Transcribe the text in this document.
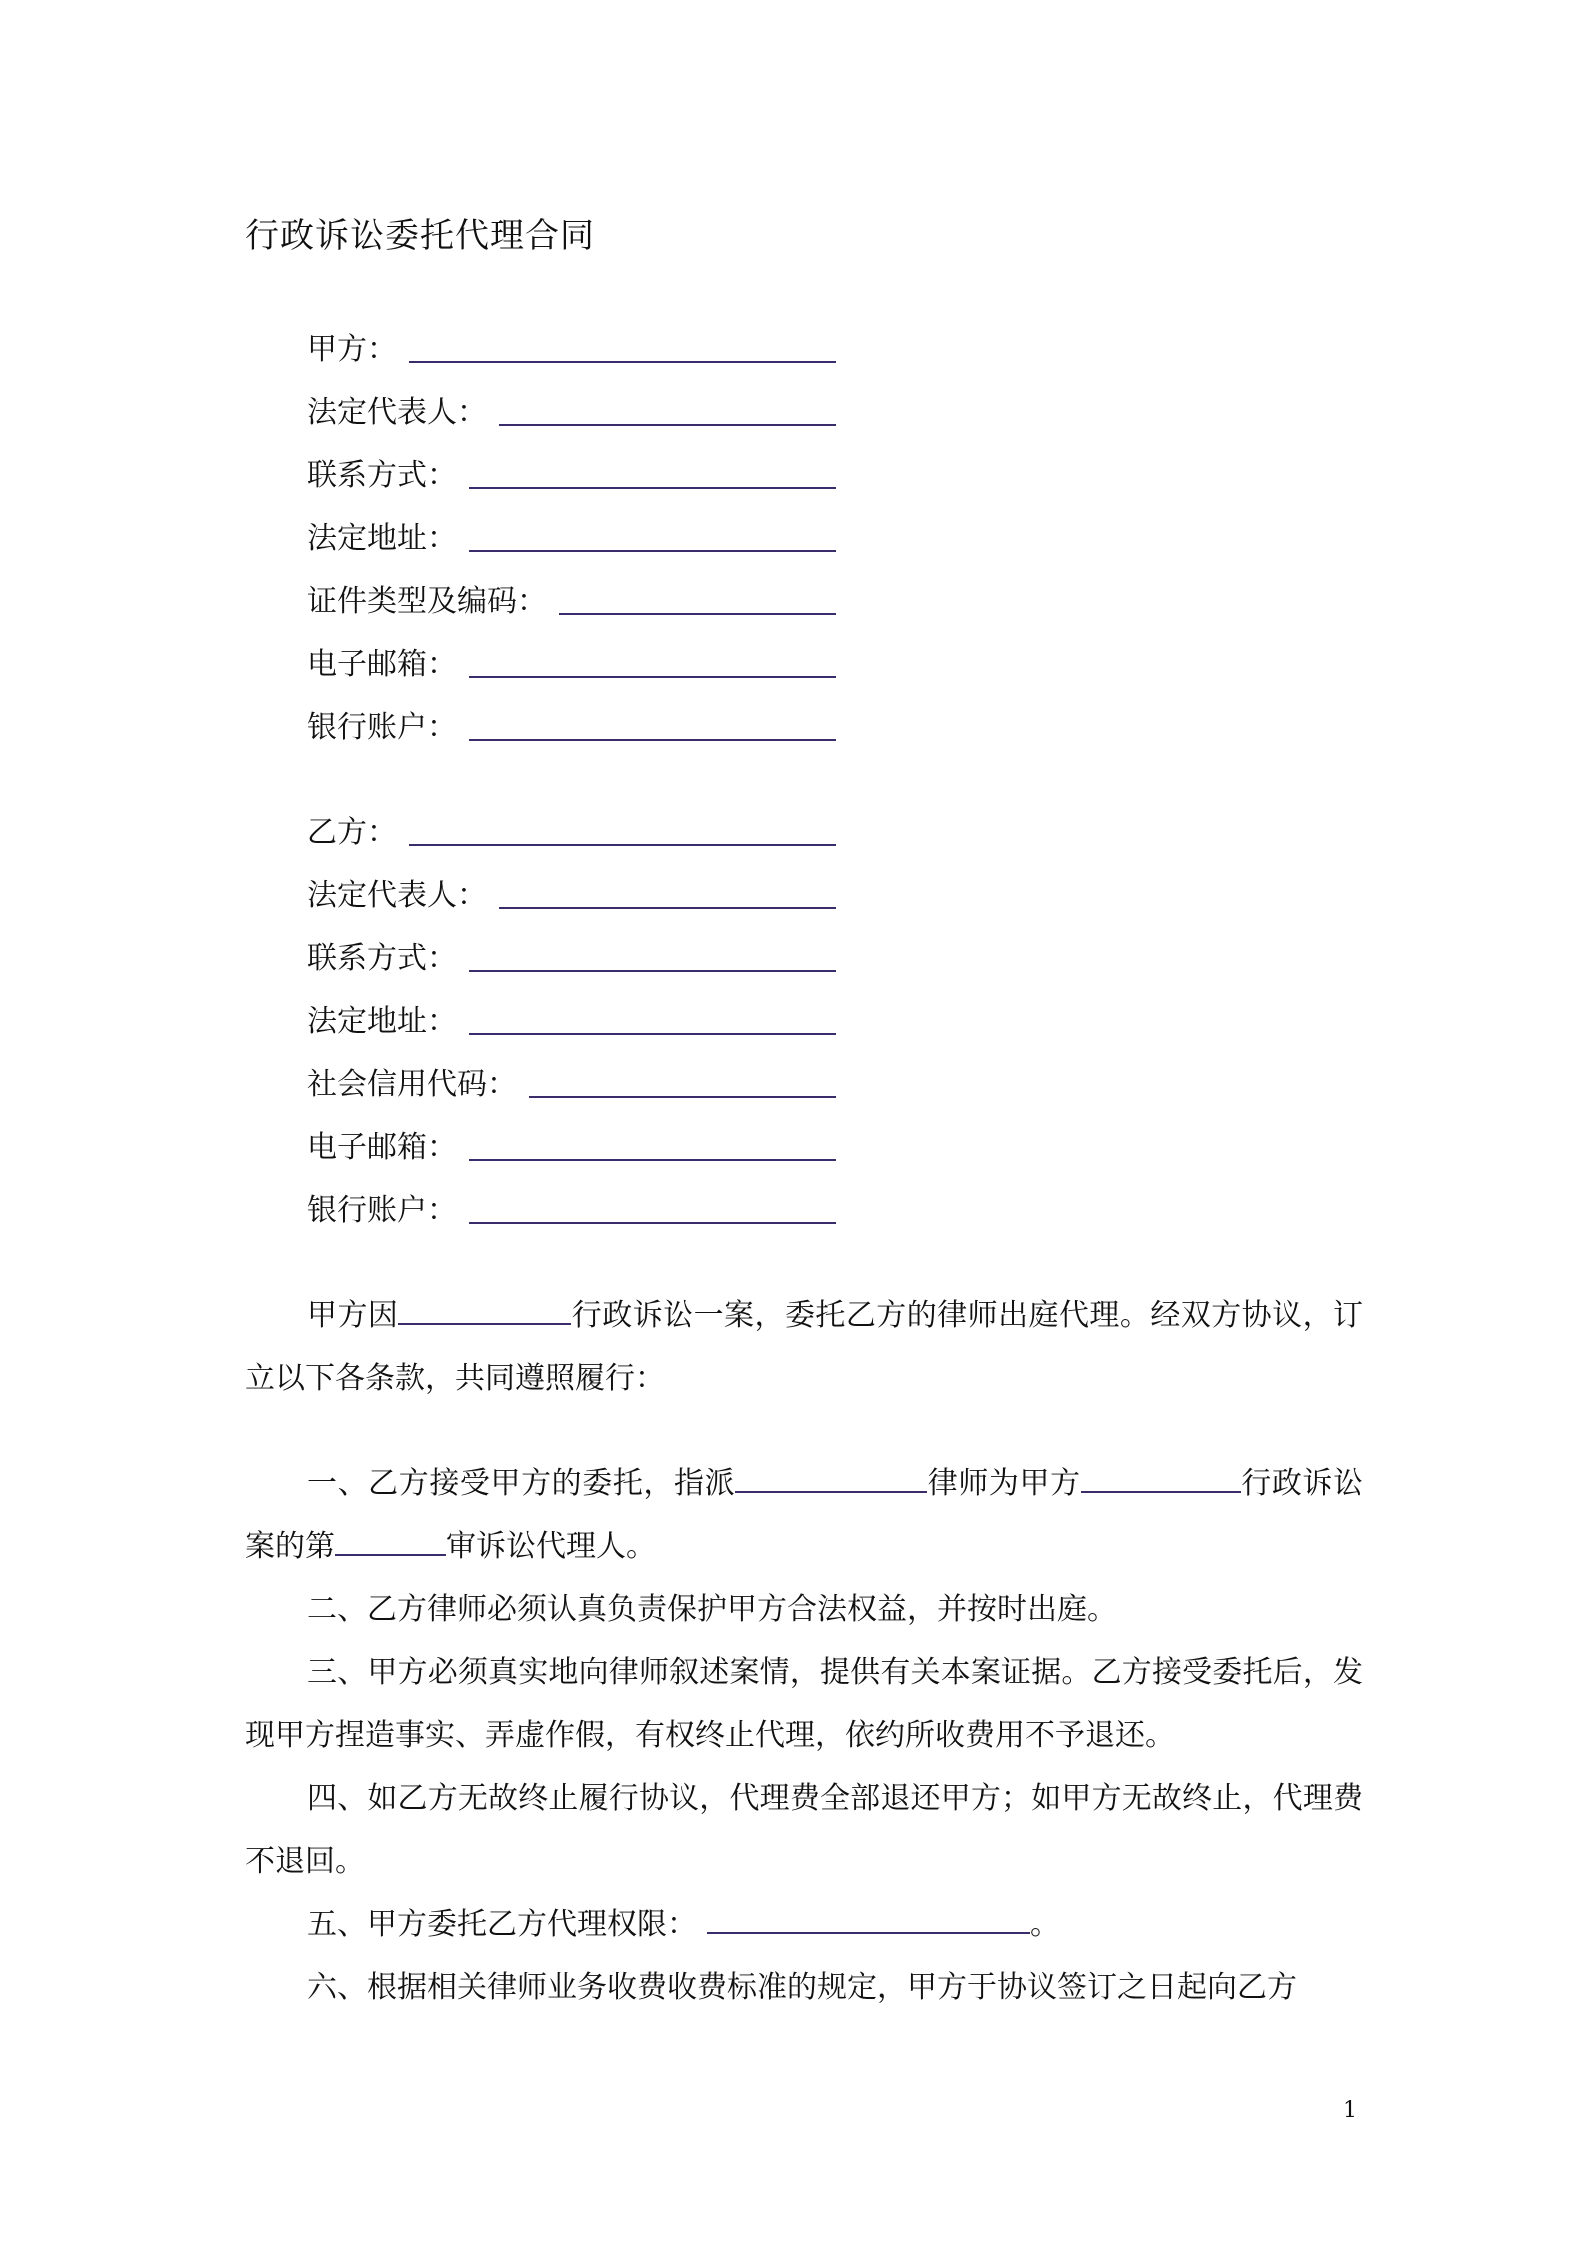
行政诉讼委托代理合同
甲方：
法定代表人：
联系方式：
法定地址：
证件类型及编码：
电子邮箱：
银行账户：
乙方：
法定代表人：
联系方式：
法定地址：
社会信用代码：
电子邮箱：
银行账户：

甲方因	行政诉讼一案，委托乙方的律师出庭代理。经双方协议，订立以下各条款，共同遵照履行：

一、乙方接受甲方的委托，指派	律师为甲方	行政诉讼案的第	审诉讼代理人。

二、乙方律师必须认真负责保护甲方合法权益，并按时出庭。

三、甲方必须真实地向律师叙述案情，提供有关本案证据。乙方接受委托后，发现甲方捏造事实、弄虚作假，有权终止代理，依约所收费用不予退还。

四、如乙方无故终止履行协议，代理费全部退还甲方；如甲方无故终止，代理费不退回。

五、甲方委托乙方代理权限：	。

六、根据相关律师业务收费收费标准的规定，甲方于协议签订之日起向乙方

1
